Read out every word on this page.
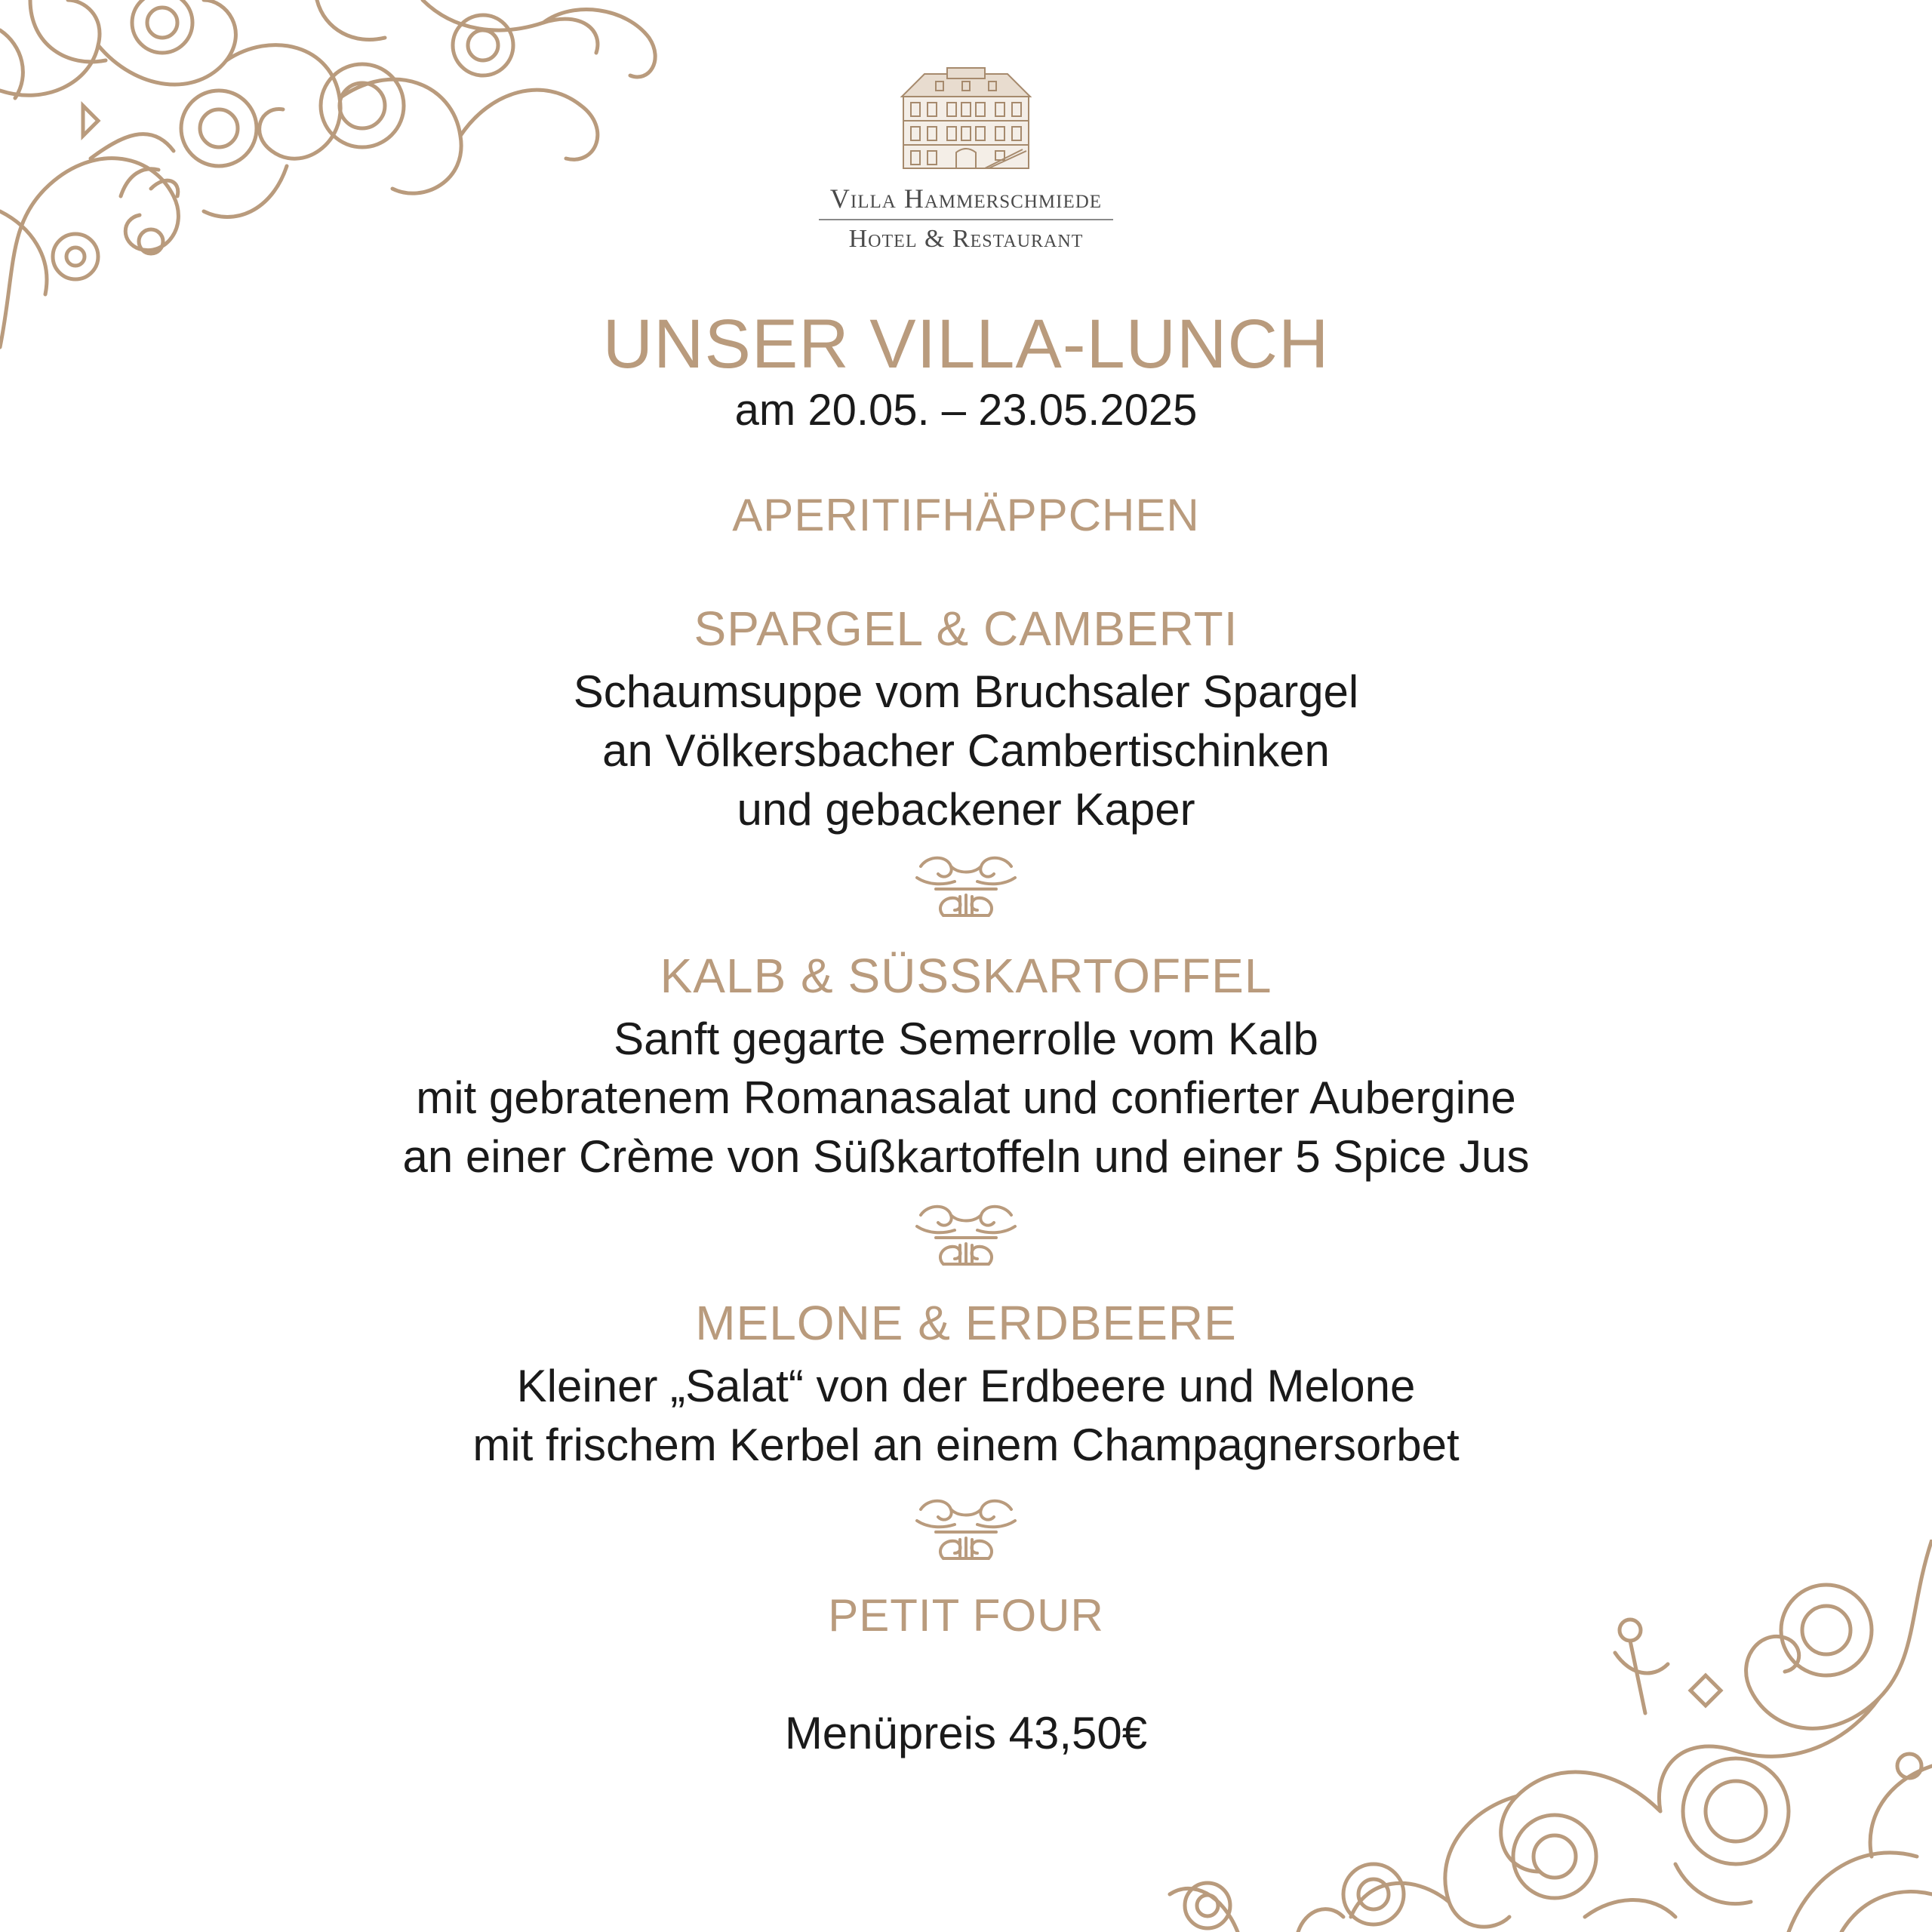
Villa Hammerschmiede
Hotel & Restaurant
UNSER VILLA-LUNCH
am 20.05. – 23.05.2025
APERITIFHÄPPCHEN
SPARGEL & CAMBERTI
Schaumsuppe vom Bruchsaler Spargel
an Völkersbacher Cambertischinken
und gebackener Kaper
KALB & SÜSSKARTOFFEL
Sanft gegarte Semerrolle vom Kalb
mit gebratenem Romanasalat und confierter Aubergine
an einer Crème von Süßkartoffeln und einer 5 Spice Jus
MELONE & ERDBEERE
Kleiner „Salat“ von der Erdbeere und Melone
mit frischem Kerbel an einem Champagnersorbet
PETIT FOUR
Menüpreis 43,50€
